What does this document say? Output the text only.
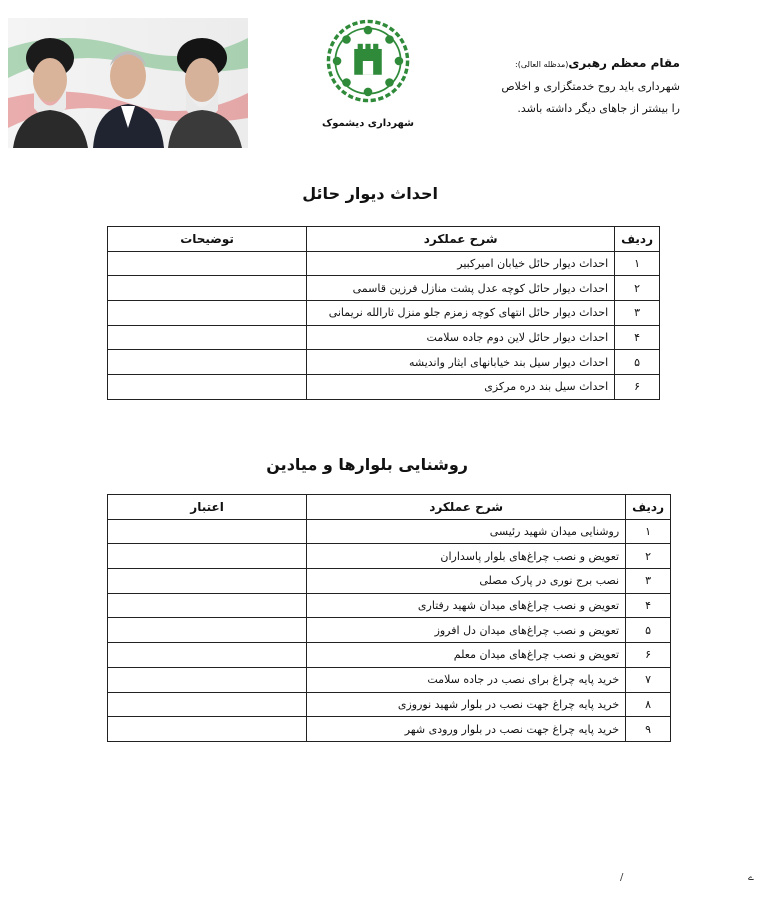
شهرداری دیشموک
مقام معظم رهبری(مدظله العالی):
شهرداری باید روح خدمتگزاری و اخلاص
را بیشتر از جاهای دیگر داشته باشد.
احداث دیوار حائل
ردیف	شرح عملکرد	توضیحات
۱	احداث دیوار حائل خیابان امیرکبیر	
۲	احداث دیوار حائل کوچه عدل پشت منازل فرزین قاسمی	
۳	احداث دیوار حائل انتهای کوچه زمزم جلو منزل ثارالله نریمانی	
۴	احداث دیوار حائل لاین دوم جاده سلامت	
۵	احداث دیوار سیل بند خیابانهای ایثار واندیشه	
۶	احداث سیل بند دره مرکزی	
روشنایی بلوارها و میادین
ردیف	شرح عملکرد	اعتبار
۱	روشنایی میدان شهید رئیسی	
۲	تعویض و نصب چراغ‌های بلوار پاسداران	
۳	نصب برج نوری در پارک مصلی	
۴	تعویض و نصب چراغ‌های میدان شهید رفتاری	
۵	تعویض و نصب چراغ‌های میدان دل افروز	
۶	تعویض و نصب چراغ‌های میدان معلم	
۷	خرید پایه چراغ برای نصب در جاده سلامت	
۸	خرید پایه چراغ جهت نصب در بلوار شهید نوروزی	
۹	خرید پایه چراغ جهت نصب در بلوار ورودی شهر	
/	ے
